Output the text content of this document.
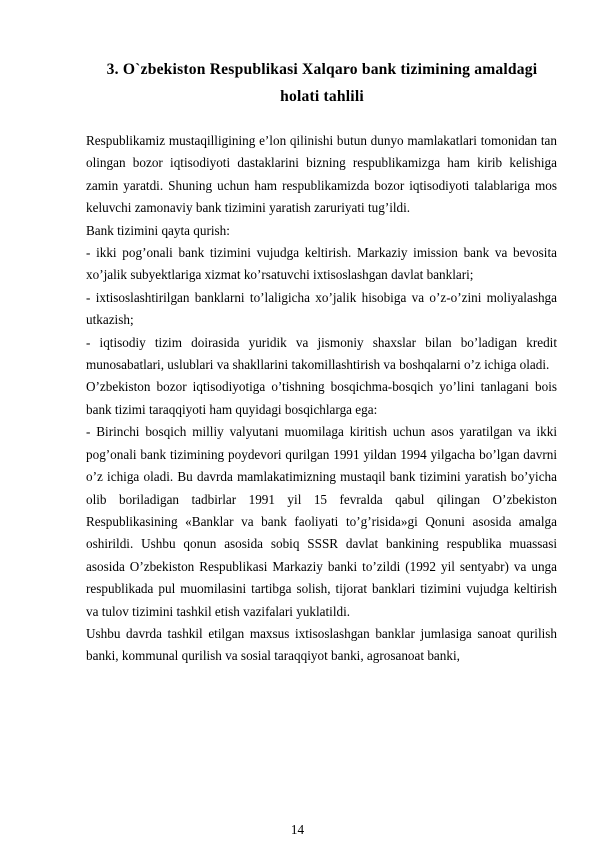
3. O`zbekiston Respublikasi Xalqaro bank tizimining amaldagi
holati tahlili

Respublikamiz mustaqilligining e’lon qilinishi butun dunyo mamlakatlari tomonidan tan olingan bozor iqtisodiyoti dastaklarini bizning respublikamizga ham kirib kelishiga zamin yaratdi. Shuning uchun ham respublikamizda bozor iqtisodiyoti talablariga mos keluvchi zamonaviy bank tizimini yaratish zaruriyati tug’ildi.

Bank tizimini qayta qurish:

- ikki pog’onali bank tizimini vujudga keltirish. Markaziy imission bank va bevosita xo’jalik subyektlariga xizmat ko’rsatuvchi ixtisoslashgan davlat banklari;

- ixtisoslashtirilgan banklarni to’laligicha xo’jalik hisobiga va o’z-o’zini moliyalashga utkazish;

- iqtisodiy tizim doirasida yuridik va jismoniy shaxslar bilan bo’ladigan kredit munosabatlari, uslublari va shakllarini takomillashtirish va boshqalarni o’z ichiga oladi.

O’zbekiston bozor iqtisodiyotiga o’tishning bosqichma-bosqich yo’lini tanlagani bois bank tizimi taraqqiyoti ham quyidagi bosqichlarga ega:

- Birinchi bosqich milliy valyutani muomilaga kiritish uchun asos yaratilgan va ikki pog’onali bank tizimining poydevori qurilgan 1991 yildan 1994 yilgacha bo’lgan davrni o’z ichiga oladi. Bu davrda mamlakatimizning mustaqil bank tizimini yaratish bo’yicha olib boriladigan tadbirlar 1991 yil 15 fevralda qabul qilingan O’zbekiston Respublikasining «Banklar va bank faoliyati to’g’risida»gi Qonuni asosida amalga oshirildi. Ushbu qonun asosida sobiq SSSR davlat bankining respublika muassasi asosida O’zbekiston Respublikasi Markaziy banki to’zildi (1992 yil sentyabr) va unga respublikada pul muomilasini tartibga solish, tijorat banklari tizimini vujudga keltirish va tulov tizimini tashkil etish vazifalari yuklatildi.

Ushbu davrda tashkil etilgan maxsus ixtisoslashgan banklar jumlasiga sanoat qurilish banki, kommunal qurilish va sosial taraqqiyot banki, agrosanoat banki,

14
